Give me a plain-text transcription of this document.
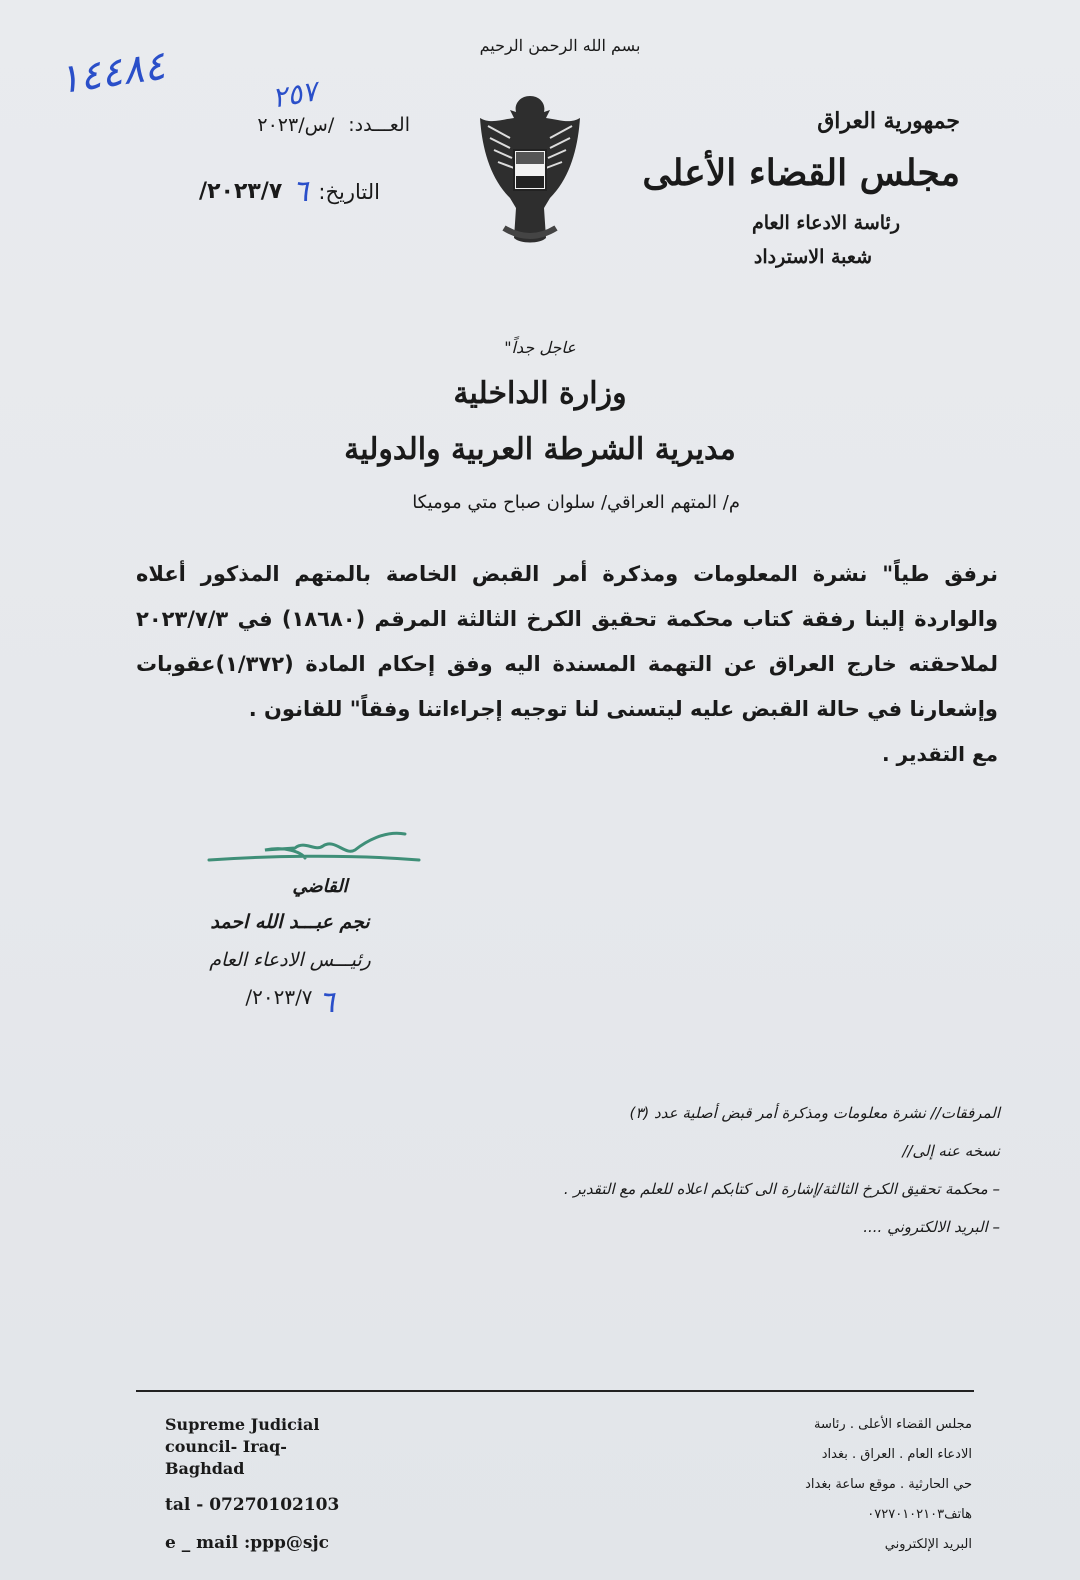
بسم الله الرحمن الرحيم
١٤٤٨٤	٢٥٧
العـــدد:
/س/٢٠٢٣
التاريخ:
٦
٢٠٢٣/٧/
جمهورية العراق
مجلس القضاء الأعلى
رئاسة الادعاء العام
شعبة الاسترداد
عاجل جداً"
وزارة الداخلية
مديرية الشرطة العربية والدولية
م/ المتهم العراقي/ سلوان صباح متي موميكا
نرفق طياً" نشرة المعلومات ومذكرة أمر القبض الخاصة بالمتهم المذكور أعلاه والواردة إلينا رفقة كتاب محكمة تحقيق الكرخ الثالثة المرقم (١٨٦٨٠) في ٢٠٢٣/٧/٣ لملاحقته خارج العراق عن التهمة المسندة اليه وفق إحكام المادة (١/٣٧٢)عقوبات وإشعارنا في حالة القبض عليه ليتسنى لنا توجيه إجراءاتنا وفقاً" للقانون .
مع التقدير .
القاضي
نجم عبـــد الله احمد
رئيـــس الادعاء العام
٦
٢٠٢٣/٧/
المرفقات// نشرة معلومات ومذكرة أمر قبض أصلية عدد (٣)
نسخه عنه إلى//
– محكمة تحقيق الكرخ الثالثة/إشارة الى كتابكم اعلاه للعلم مع التقدير .
– البريد الالكتروني ....
Supreme Judicial
council- Iraq-
Baghdad
tal - 07270102103
e _ mail :ppp@sjc
مجلس القضاء الأعلى . رئاسة
الادعاء العام . العراق . بغداد
حي الحارثية . موقع ساعة بغداد
هاتف٠٧٢٧٠١٠٢١٠٣
البريد الإلكتروني
